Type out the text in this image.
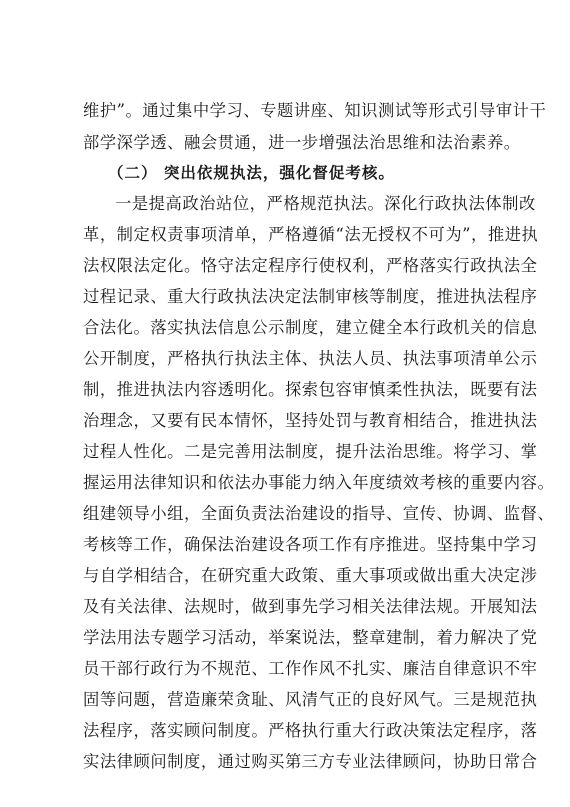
维护”。通过集中学习、专题讲座、知识测试等形式引导审计干
部学深学透、融会贯通，进一步增强法治思维和法治素养。
（二） 突出依规执法，强化督促考核。
一是提高政治站位，严格规范执法。深化行政执法体制改
革，制定权责事项清单，严格遵循“法无授权不可为”，推进执
法权限法定化。恪守法定程序行使权利，严格落实行政执法全
过程记录、重大行政执法决定法制审核等制度，推进执法程序
合法化。落实执法信息公示制度，建立健全本行政机关的信息
公开制度，严格执行执法主体、执法人员、执法事项清单公示
制，推进执法内容透明化。探索包容审慎柔性执法，既要有法
治理念，又要有民本情怀，坚持处罚与教育相结合，推进执法
过程人性化。二是完善用法制度，提升法治思维。将学习、掌
握运用法律知识和依法办事能力纳入年度绩效考核的重要内容。
组建领导小组，全面负责法治建设的指导、宣传、协调、监督、
考核等工作，确保法治建设各项工作有序推进。坚持集中学习
与自学相结合，在研究重大政策、重大事项或做出重大决定涉
及有关法律、法规时，做到事先学习相关法律法规。开展知法
学法用法专题学习活动，举案说法，整章建制，着力解决了党
员干部行政行为不规范、工作作风不扎实、廉洁自律意识不牢
固等问题，营造廉荣贪耻、风清气正的良好风气。三是规范执
法程序，落实顾问制度。严格执行重大行政决策法定程序，落
实法律顾问制度，通过购买第三方专业法律顾问，协助日常合
